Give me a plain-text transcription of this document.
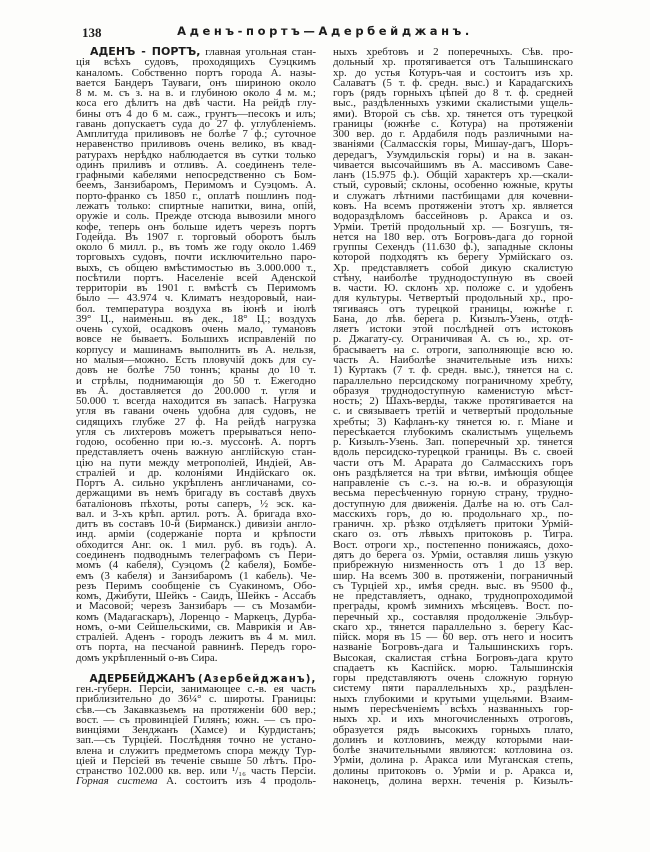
138	Аденъ-портъ—Адербейджанъ.
АДЕНЪ - ПОРТЪ, главная угольная стан-
ція всѣхъ судовъ, проходящихъ Суэцкимъ
каналомъ. Собственно портъ города А. назы-
вается Бандеръ Тауваги, онъ шириною около
8 м. м. съ з. на в. и глубиною около 4 м. м.;
коса его дѣлитъ на двѣ части. На рейдѣ глу-
бины отъ 4 до 6 м. саж., грунтъ—песокъ и илъ;
гавань допускаетъ суда до 27 ф. углубленіемъ.
Амплитуда приливовъ не болѣе 7 ф.; суточное
неравенство приливовъ очень велико, въ квад-
ратурахъ нерѣдко наблюдается въ сутки только
одинъ приливъ и отливъ. А. соединенъ теле-
графными кабелями непосредственно съ Бом-
беемъ, Занзибаромъ, Перимомъ и Суэцомъ. А.
порто-франко съ 1850 г., оплатѣ пошлинъ под-
лежатъ только: спиртные напитки, вина, опій,
оружіе и соль. Прежде отсюда вывозили много
кофе, теперь онъ больше идетъ черезъ портъ
Годейда. Въ 1907 г. торговый оборотъ былъ
около 6 милл. р., въ томъ же году около 1.469
торговыхъ судовъ, почти исключительно паро-
выхъ, съ общею вмѣстимостью въ 3.000.000 т.,
посѣтили портъ. Населеніе всей Аденской
территоріи въ 1901 г. вмѣстѣ съ Перимомъ
было — 43.974 ч. Климатъ нездоровый, наи-
бол. температура воздуха въ іюнѣ и іюлѣ
39° Ц., наименьш. въ дек., 18° Ц.; воздухъ
очень сухой, осадковъ очень мало, тумановъ
вовсе не бываетъ. Большихъ исправленій по
корпусу и машинамъ выполнить въ А. нельзя,
но малыя—можно. Есть пловучій докъ для су-
довъ не болѣе 750 тоннъ; краны до 10 т.
и стрѣлы, поднимающія до 50 т. Ежегодно
въ А. доставляется до 200.000 т. угля и
50.000 т. всегда находится въ запасѣ. Нагрузка
угля въ гавани очень удобна для судовъ, не
сидящихъ глубже 27 ф. На рейдѣ нагрузка
угля съ лихтеровъ можетъ прерываться непо-
годою, особенно при ю.-з. муссонѣ. А. портъ
представляетъ очень важную англійскую стан-
цію на пути между метрополіей, Индіей, Ав-
страліей и др. колоніями Индійскаго ок.
Портъ А. сильно укрѣпленъ англичанами, со-
держащими въ немъ бригаду въ составѣ двухъ
баталіоновъ пѣхоты, роты саперъ, ½ эск. ка-
вал. и 3-хъ крѣп. артил. ротъ. А. бригада вхо-
дитъ въ составъ 10-й (Бирманск.) дивизіи англо-
инд. арміи (содержаніе порта и крѣпости
обходится Анг. ок. 1 мил. руб. въ годъ). А.
соединенъ подводнымъ телеграфомъ съ Пери-
момъ (4 кабеля), Суэцомъ (2 кабеля), Бомбе-
емъ (3 кабеля) и Занзибаромъ (1 кабель). Че-
резъ Перимъ сообщеніе съ Суакиномъ, Обо-
комъ, Джибути, Шейкъ - Саидъ, Шейкъ - Ассабъ
и Масовой; черезъ Занзибаръ — съ Мозамби-
комъ (Мадагаскаръ), Лоренцо - Маркецъ, Дурба-
номъ, о-ми Сейшельскими, св. Маврикія и Ав-
страліей. Аденъ - городъ лежитъ въ 4 м. мил.
отъ порта, на песчаной равнинѣ. Передъ горо-
домъ укрѣпленный о-въ Сира.
АДЕРБЕЙДЖАНЪ (Азербейджанъ),
ген.-губерн. Персіи, занимающее с.-в. ея часть
приблизительно до 36¼° с. широты. Границы:
сѣв.—съ Закавказьемъ на протяженіи 600 вер.;
вост. — съ провинціей Гилянъ; южн. — съ про-
винціями Зенджанъ (Хамсе) и Курдистанъ;
зап.—съ Турціей. Послѣдняя точно не устано-
влена и служитъ предметомъ спора между Тур-
ціей и Персіей въ теченіе свыше 50 лѣтъ. Про-
странство 102.000 кв. вер. или ¹/₁₆ часть Персіи.
Горная система А. состоитъ изъ 4 продоль-
ныхъ хребтовъ и 2 поперечныхъ. Сѣв. про-
дольный хр. протягивается отъ Талышинскаго
хр. до устья Котуръ-чая и состоитъ изъ хр.
Салаватъ (5 т. ф. средн. выс.) и Карадагскихъ
горъ (рядъ горныхъ цѣпей до 8 т. ф. средней
выс., раздѣленныхъ узкими скалистыми ущель-
ями). Второй съ сѣв. хр. тянется отъ турецкой
границы (южнѣе с. Котура) на протяженіи
300 вер. до г. Ардабиля подъ различными на-
званіями (Салмасскія горы, Мишау-дагъ, Шоръ-
дередагъ, Узумдильскія горы) и на в. закан-
чивается высочайшимъ въ А. массивомъ Саве-
ланъ (15.975 ф.). Общій характеръ хр.—скали-
стый, суровый; склоны, особенно южные, круты
и служатъ лѣтними пастбищами для кочевни-
ковъ. На всемъ протяженіи этотъ хр. является
водораздѣломъ бассейновъ р. Аракса и оз.
Урміи. Третій продольный хр. — Бозгушъ, тя-
нется на 180 вер. отъ Богровъ-дага до горной
группы Сехендъ (11.630 ф.), западные склоны
которой подходятъ къ берегу Урмійскаго оз.
Хр. представляетъ собой дикую скалистую
стѣну, наиболѣе труднодоступную въ своей
в. части. Ю. склонъ хр. положе с. и удобенъ
для культуры. Четвертый продольный хр., про-
тягиваясь отъ турецкой границы, южнѣе г.
Бана, до лѣв. берега р. Кизылъ-Узень, отдѣ-
ляетъ истоки этой послѣдней отъ истоковъ
р. Джагату-су. Ограничивая А. съ ю., хр. от-
брасываетъ на с. отроги, заполняющіе всю ю.
часть А. Наиболѣе значительные изъ нихъ:
1) Куртакъ (7 т. ф. средн. выс.), тянется на с.
параллельно персидскому пограничному хребту,
образуя труднодоступную каменистую мѣст-
ность; 2) Шахъ-верды, также протягивается на
с. и связываетъ третій и четвертый продольные
хребты; 3) Кафланъ-ку тянется ю. г. Міане и
пересѣкается глубокимъ скалистымъ ущельемъ
р. Кизылъ-Узень. Зап. поперечный хр. тянется
вдоль персидско-турецкой границы. Въ с. своей
части отъ М. Арарата до Салмасскихъ горъ
онъ раздѣляется на три вѣтви, имѣющія общее
направленіе съ с.-з. на ю.-в. и образующія
весьма пересѣченную горную страну, трудно-
доступную для движенія. Далѣе на ю. отъ Сал-
масскихъ горъ, до ю. продольнаго хр., по-
граничн. хр. рѣзко отдѣляетъ притоки Урмій-
скаго оз. отъ лѣвыхъ притоковъ р. Тигра.
Вост. отроги хр., постепенно понижаясь, дохо-
дятъ до берега оз. Урміи, оставляя лишь узкую
прибрежную низменность отъ 1 до 13 вер.
шир. На всемъ 300 в. протяженіи, пограничный
съ Турціей хр., имѣя средн. выс. въ 9500 ф.,
не представляетъ, однако, труднопроходимой
преграды, кромѣ зимнихъ мѣсяцевъ. Вост. по-
перечный хр., составляя продолженіе Эльбур-
скаго хр., тянется параллельно з. берегу Кас-
пійск. моря въ 15 — 60 вер. отъ него и носитъ
названіе Богровъ-дага и Талышинскихъ горъ.
Высокая, скалистая стѣна Богровъ-дага круто
спадаетъ къ Каспійск. морю. Талышинскія
горы представляютъ очень сложную горную
систему пяти параллельныхъ хр., раздѣлен-
ныхъ глубокими и крутыми ущельями. Взаим-
нымъ пересѣченіемъ всѣхъ названныхъ гор-
ныхъ хр. и ихъ многочисленныхъ отроговъ,
образуется рядъ высокихъ горныхъ плато,
долинъ и котловинъ, между которыми наи-
болѣе значительными являются: котловина оз.
Урміи, долина р. Аракса или Муганская степь,
долины притоковъ о. Урміи и р. Аракса и,
наконецъ, долина верхн. теченія р. Кизылъ-
